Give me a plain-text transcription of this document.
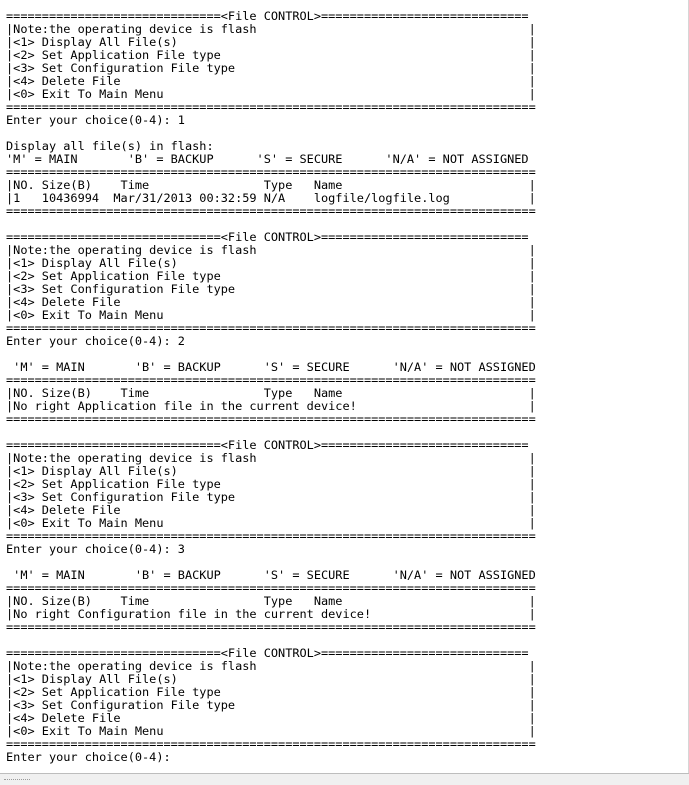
==============================<File CONTROL>=============================
|Note:the operating device is flash                                      |
|<1> Display All File(s)                                                 |
|<2> Set Application File type                                           |
|<3> Set Configuration File type                                         |
|<4> Delete File                                                         |
|<0> Exit To Main Menu                                                   |
==========================================================================
Enter your choice(0-4): 1
Display all file(s) in flash:
'M' = MAIN       'B' = BACKUP      'S' = SECURE      'N/A' = NOT ASSIGNED
==========================================================================
|NO. Size(B)    Time                Type   Name                          |
|1   10436994  Mar/31/2013 00:32:59 N/A    logfile/logfile.log           |
==========================================================================
==============================<File CONTROL>=============================
|Note:the operating device is flash                                      |
|<1> Display All File(s)                                                 |
|<2> Set Application File type                                           |
|<3> Set Configuration File type                                         |
|<4> Delete File                                                         |
|<0> Exit To Main Menu                                                   |
==========================================================================
Enter your choice(0-4): 2
'M' = MAIN       'B' = BACKUP      'S' = SECURE      'N/A' = NOT ASSIGNED
==========================================================================
|NO. Size(B)    Time                Type   Name                          |
|No right Application file in the current device!                        |
==========================================================================
==============================<File CONTROL>=============================
|Note:the operating device is flash                                      |
|<1> Display All File(s)                                                 |
|<2> Set Application File type                                           |
|<3> Set Configuration File type                                         |
|<4> Delete File                                                         |
|<0> Exit To Main Menu                                                   |
==========================================================================
Enter your choice(0-4): 3
'M' = MAIN       'B' = BACKUP      'S' = SECURE      'N/A' = NOT ASSIGNED
==========================================================================
|NO. Size(B)    Time                Type   Name                          |
|No right Configuration file in the current device!                      |
==========================================================================
==============================<File CONTROL>=============================
|Note:the operating device is flash                                      |
|<1> Display All File(s)                                                 |
|<2> Set Application File type                                           |
|<3> Set Configuration File type                                         |
|<4> Delete File                                                         |
|<0> Exit To Main Menu                                                   |
==========================================================================
Enter your choice(0-4):
